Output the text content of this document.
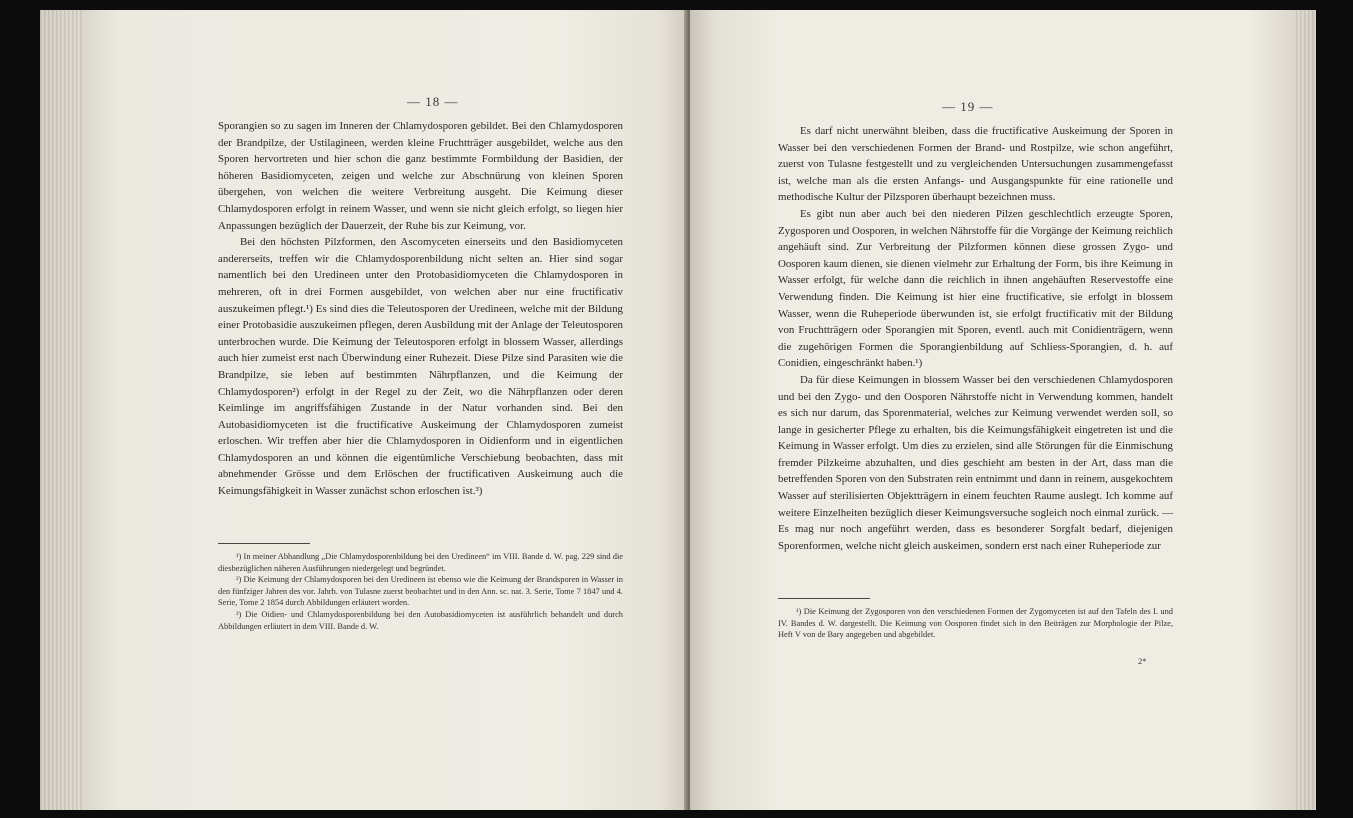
— 18 —

Sporangien so zu sagen im Inneren der Chlamydosporen gebildet. Bei den Chlamydosporen der Brandpilze, der Ustilagineen, werden kleine Fruchtträger ausgebildet, welche aus den Sporen hervortreten und hier schon die ganz bestimmte Formbildung der Basidien, der höheren Basidiomyceten, zeigen und welche zur Abschnürung von kleinen Sporen übergehen, von welchen die weitere Verbreitung ausgeht. Die Keimung dieser Chlamydosporen erfolgt in reinem Wasser, und wenn sie nicht gleich erfolgt, so liegen hier Anpassungen bezüglich der Dauerzeit, der Ruhe bis zur Keimung, vor.

Bei den höchsten Pilzformen, den Ascomyceten einerseits und den Basidiomyceten andererseits, treffen wir die Chlamydosporenbildung nicht selten an. Hier sind sogar namentlich bei den Uredineen unter den Protobasidiomyceten die Chlamydosporen in mehreren, oft in drei Formen ausgebildet, von welchen aber nur eine fructificativ auszukeimen pflegt.¹) Es sind dies die Teleutosporen der Uredineen, welche mit der Bildung einer Protobasidie auszukeimen pflegen, deren Ausbildung mit der Anlage der Teleutosporen unterbrochen wurde. Die Keimung der Teleutosporen erfolgt in blossem Wasser, allerdings auch hier zumeist erst nach Überwindung einer Ruhezeit. Diese Pilze sind Parasiten wie die Brandpilze, sie leben auf bestimmten Nährpflanzen, und die Keimung der Chlamydosporen²) erfolgt in der Regel zu der Zeit, wo die Nährpflanzen oder deren Keimlinge im angriffsfähigen Zustande in der Natur vorhanden sind. Bei den Autobasidiomyceten ist die fructificative Auskeimung der Chlamydosporen zumeist erloschen. Wir treffen aber hier die Chlamydosporen in Oidienform und in eigentlichen Chlamydosporen an und können die eigentümliche Verschiebung beobachten, dass mit abnehmender Grösse und dem Erlöschen der fructificativen Auskeimung auch die Keimungsfähigkeit in Wasser zunächst schon erloschen ist.³)

¹) In meiner Abhandlung „Die Chlamydosporenbildung bei den Uredineen“ im VIII. Bande d. W. pag. 229 sind die diesbezüglichen näheren Ausführungen niedergelegt und begründet.

²) Die Keimung der Chlamydosporen bei den Uredineen ist ebenso wie die Keimung der Brandsporen in Wasser in den fünfziger Jahren des vor. Jahrh. von Tulasne zuerst beobachtet und in den Ann. sc. nat. 3. Serie, Tome 7 1847 und 4. Serie, Tome 2 1854 durch Abbildungen erläutert worden.

³) Die Oidien- und Chlamydosporenbildung bei den Autobasidiomyceten ist ausführlich behandelt und durch Abbildungen erläutert in dem VIII. Bande d. W.

— 19 —

Es darf nicht unerwähnt bleiben, dass die fructificative Auskeimung der Sporen in Wasser bei den verschiedenen Formen der Brand- und Rostpilze, wie schon angeführt, zuerst von Tulasne festgestellt und zu vergleichenden Untersuchungen zusammengefasst ist, welche man als die ersten Anfangs- und Ausgangspunkte für eine rationelle und methodische Kultur der Pilzsporen überhaupt bezeichnen muss.

Es gibt nun aber auch bei den niederen Pilzen geschlechtlich erzeugte Sporen, Zygosporen und Oosporen, in welchen Nährstoffe für die Vorgänge der Keimung reichlich angehäuft sind. Zur Verbreitung der Pilzformen können diese grossen Zygo- und Oosporen kaum dienen, sie dienen vielmehr zur Erhaltung der Form, bis ihre Keimung in Wasser erfolgt, für welche dann die reichlich in ihnen angehäuften Reservestoffe eine Verwendung finden. Die Keimung ist hier eine fructificative, sie erfolgt in blossem Wasser, wenn die Ruheperiode überwunden ist, sie erfolgt fructificativ mit der Bildung von Fruchtträgern oder Sporangien mit Sporen, eventl. auch mit Conidienträgern, wenn die zugehörigen Formen die Sporangienbildung auf Schliess-Sporangien, d. h. auf Conidien, eingeschränkt haben.¹)

Da für diese Keimungen in blossem Wasser bei den verschiedenen Chlamydosporen und bei den Zygo- und den Oosporen Nährstoffe nicht in Verwendung kommen, handelt es sich nur darum, das Sporenmaterial, welches zur Keimung verwendet werden soll, so lange in gesicherter Pflege zu erhalten, bis die Keimungsfähigkeit eingetreten ist und die Keimung in Wasser erfolgt. Um dies zu erzielen, sind alle Störungen für die Einmischung fremder Pilzkeime abzuhalten, und dies geschieht am besten in der Art, dass man die betreffenden Sporen von den Substraten rein entnimmt und dann in reinem, ausgekochtem Wasser auf sterilisierten Objektträgern in einem feuchten Raume auslegt. Ich komme auf weitere Einzelheiten bezüglich dieser Keimungsversuche sogleich noch einmal zurück. — Es mag nur noch angeführt werden, dass es besonderer Sorgfalt bedarf, diejenigen Sporenformen, welche nicht gleich auskeimen, sondern erst nach einer Ruheperiode zur

¹) Die Keimung der Zygosporen von den verschiedenen Formen der Zygomyceten ist auf den Tafeln des I. und IV. Bandes d. W. dargestellt. Die Keimung von Oosporen findet sich in den Beiträgen zur Morphologie der Pilze, Heft V von de Bary angegeben und abgebildet.

2*
